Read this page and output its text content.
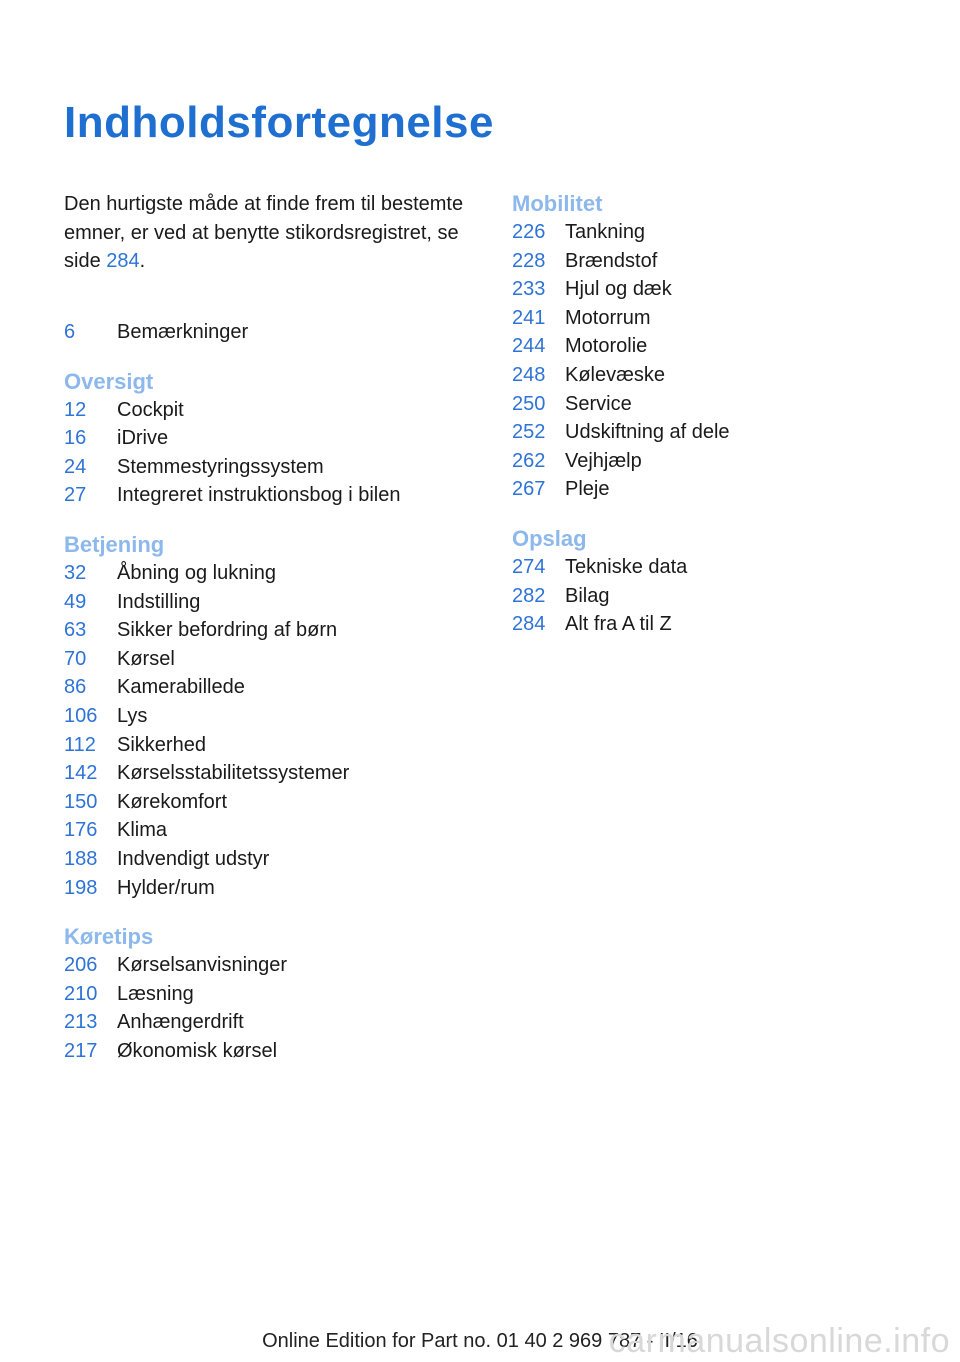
Indholdsfortegnelse

Den hurtigste måde at finde frem til bestemte emner, er ved at benytte stikordsregistret, se side 284.

6	Bemærkninger
Oversigt
12	Cockpit
16	iDrive
24	Stemmestyringssystem
27	Integreret instruktionsbog i bilen
Betjening
32	Åbning og lukning
49	Indstilling
63	Sikker befordring af børn
70	Kørsel
86	Kamerabillede
106 Lys
112	Sikkerhed
142 Kørselsstabilitetssystemer
150 Kørekomfort
176 Klima
188 Indvendigt udstyr
198 Hylder/rum
Køretips
206 Kørselsanvisninger
210 Læsning
213 Anhængerdrift
217 Økonomisk kørsel
Mobilitet
226 Tankning
228 Brændstof
233 Hjul og dæk
241 Motorrum
244 Motorolie
248 Kølevæske
250 Service
252 Udskiftning af dele
262 Vejhjælp
267 Pleje
Opslag
274 Tekniske data
282 Bilag
284 Alt fra A til Z
Online Edition for Part no. 01 40 2 969 787 - II/16
carmanualsonline.info
